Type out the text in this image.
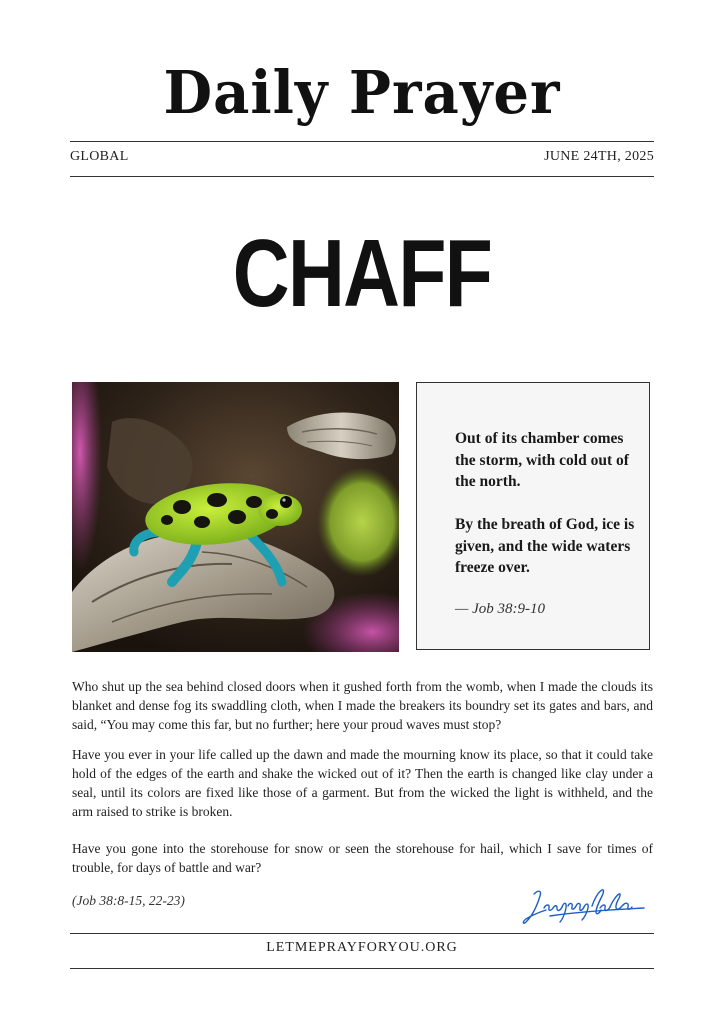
Daily Prayer
GLOBAL	JUNE 24TH, 2025
CHAFF
Out of its chamber comes the storm, with cold out of the north.
By the breath of God, ice is given, and the wide waters freeze over.
— Job 38:9-10
Who shut up the sea behind closed doors when it gushed forth from the womb, when I made the clouds its blanket and dense fog its swaddling cloth, when I made the breakers its boundry set its gates and bars, and said, “You may come this far, but no further; here your proud waves must stop?
Have you ever in your life called up the dawn and made the mourning know its place, so that it could take hold of the edges of the earth and shake the wicked out of it? Then the earth is changed like clay under a seal, until its colors are fixed like those of a garment. But from the wicked the light is withheld, and the arm raised to strike is broken.
Have you gone into the storehouse for snow or seen the storehouse for hail, which I save for times of trouble, for days of battle and war?
(Job 38:8-15, 22-23)
LETMEPRAYFORYOU.ORG
